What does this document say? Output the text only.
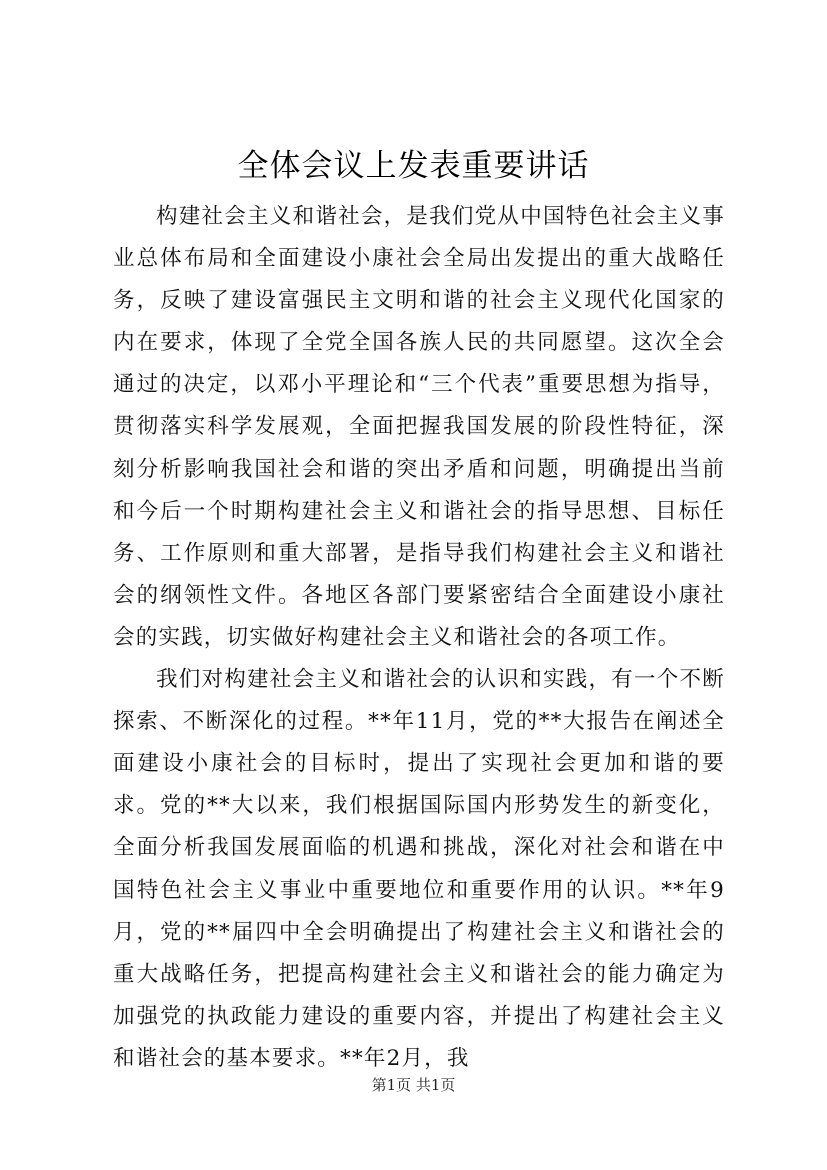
全体会议上发表重要讲话

构建社会主义和谐社会，是我们党从中国特色社会主义事业总体布局和全面建设小康社会全局出发提出的重大战略任务，反映了建设富强民主文明和谐的社会主义现代化国家的内在要求，体现了全党全国各族人民的共同愿望。这次全会通过的决定，以邓小平理论和“三个代表”重要思想为指导，贯彻落实科学发展观，全面把握我国发展的阶段性特征，深刻分析影响我国社会和谐的突出矛盾和问题，明确提出当前和今后一个时期构建社会主义和谐社会的指导思想、目标任务、工作原则和重大部署，是指导我们构建社会主义和谐社会的纲领性文件。各地区各部门要紧密结合全面建设小康社会的实践，切实做好构建社会主义和谐社会的各项工作。

我们对构建社会主义和谐社会的认识和实践，有一个不断探索、不断深化的过程。**年11月，党的**大报告在阐述全面建设小康社会的目标时，提出了实现社会更加和谐的要求。党的**大以来，我们根据国际国内形势发生的新变化，全面分析我国发展面临的机遇和挑战，深化对社会和谐在中国特色社会主义事业中重要地位和重要作用的认识。**年9月，党的**届四中全会明确提出了构建社会主义和谐社会的重大战略任务，把提高构建社会主义和谐社会的能力确定为加强党的执政能力建设的重要内容，并提出了构建社会主义和谐社会的基本要求。**年2月，我

第1页 共1页
